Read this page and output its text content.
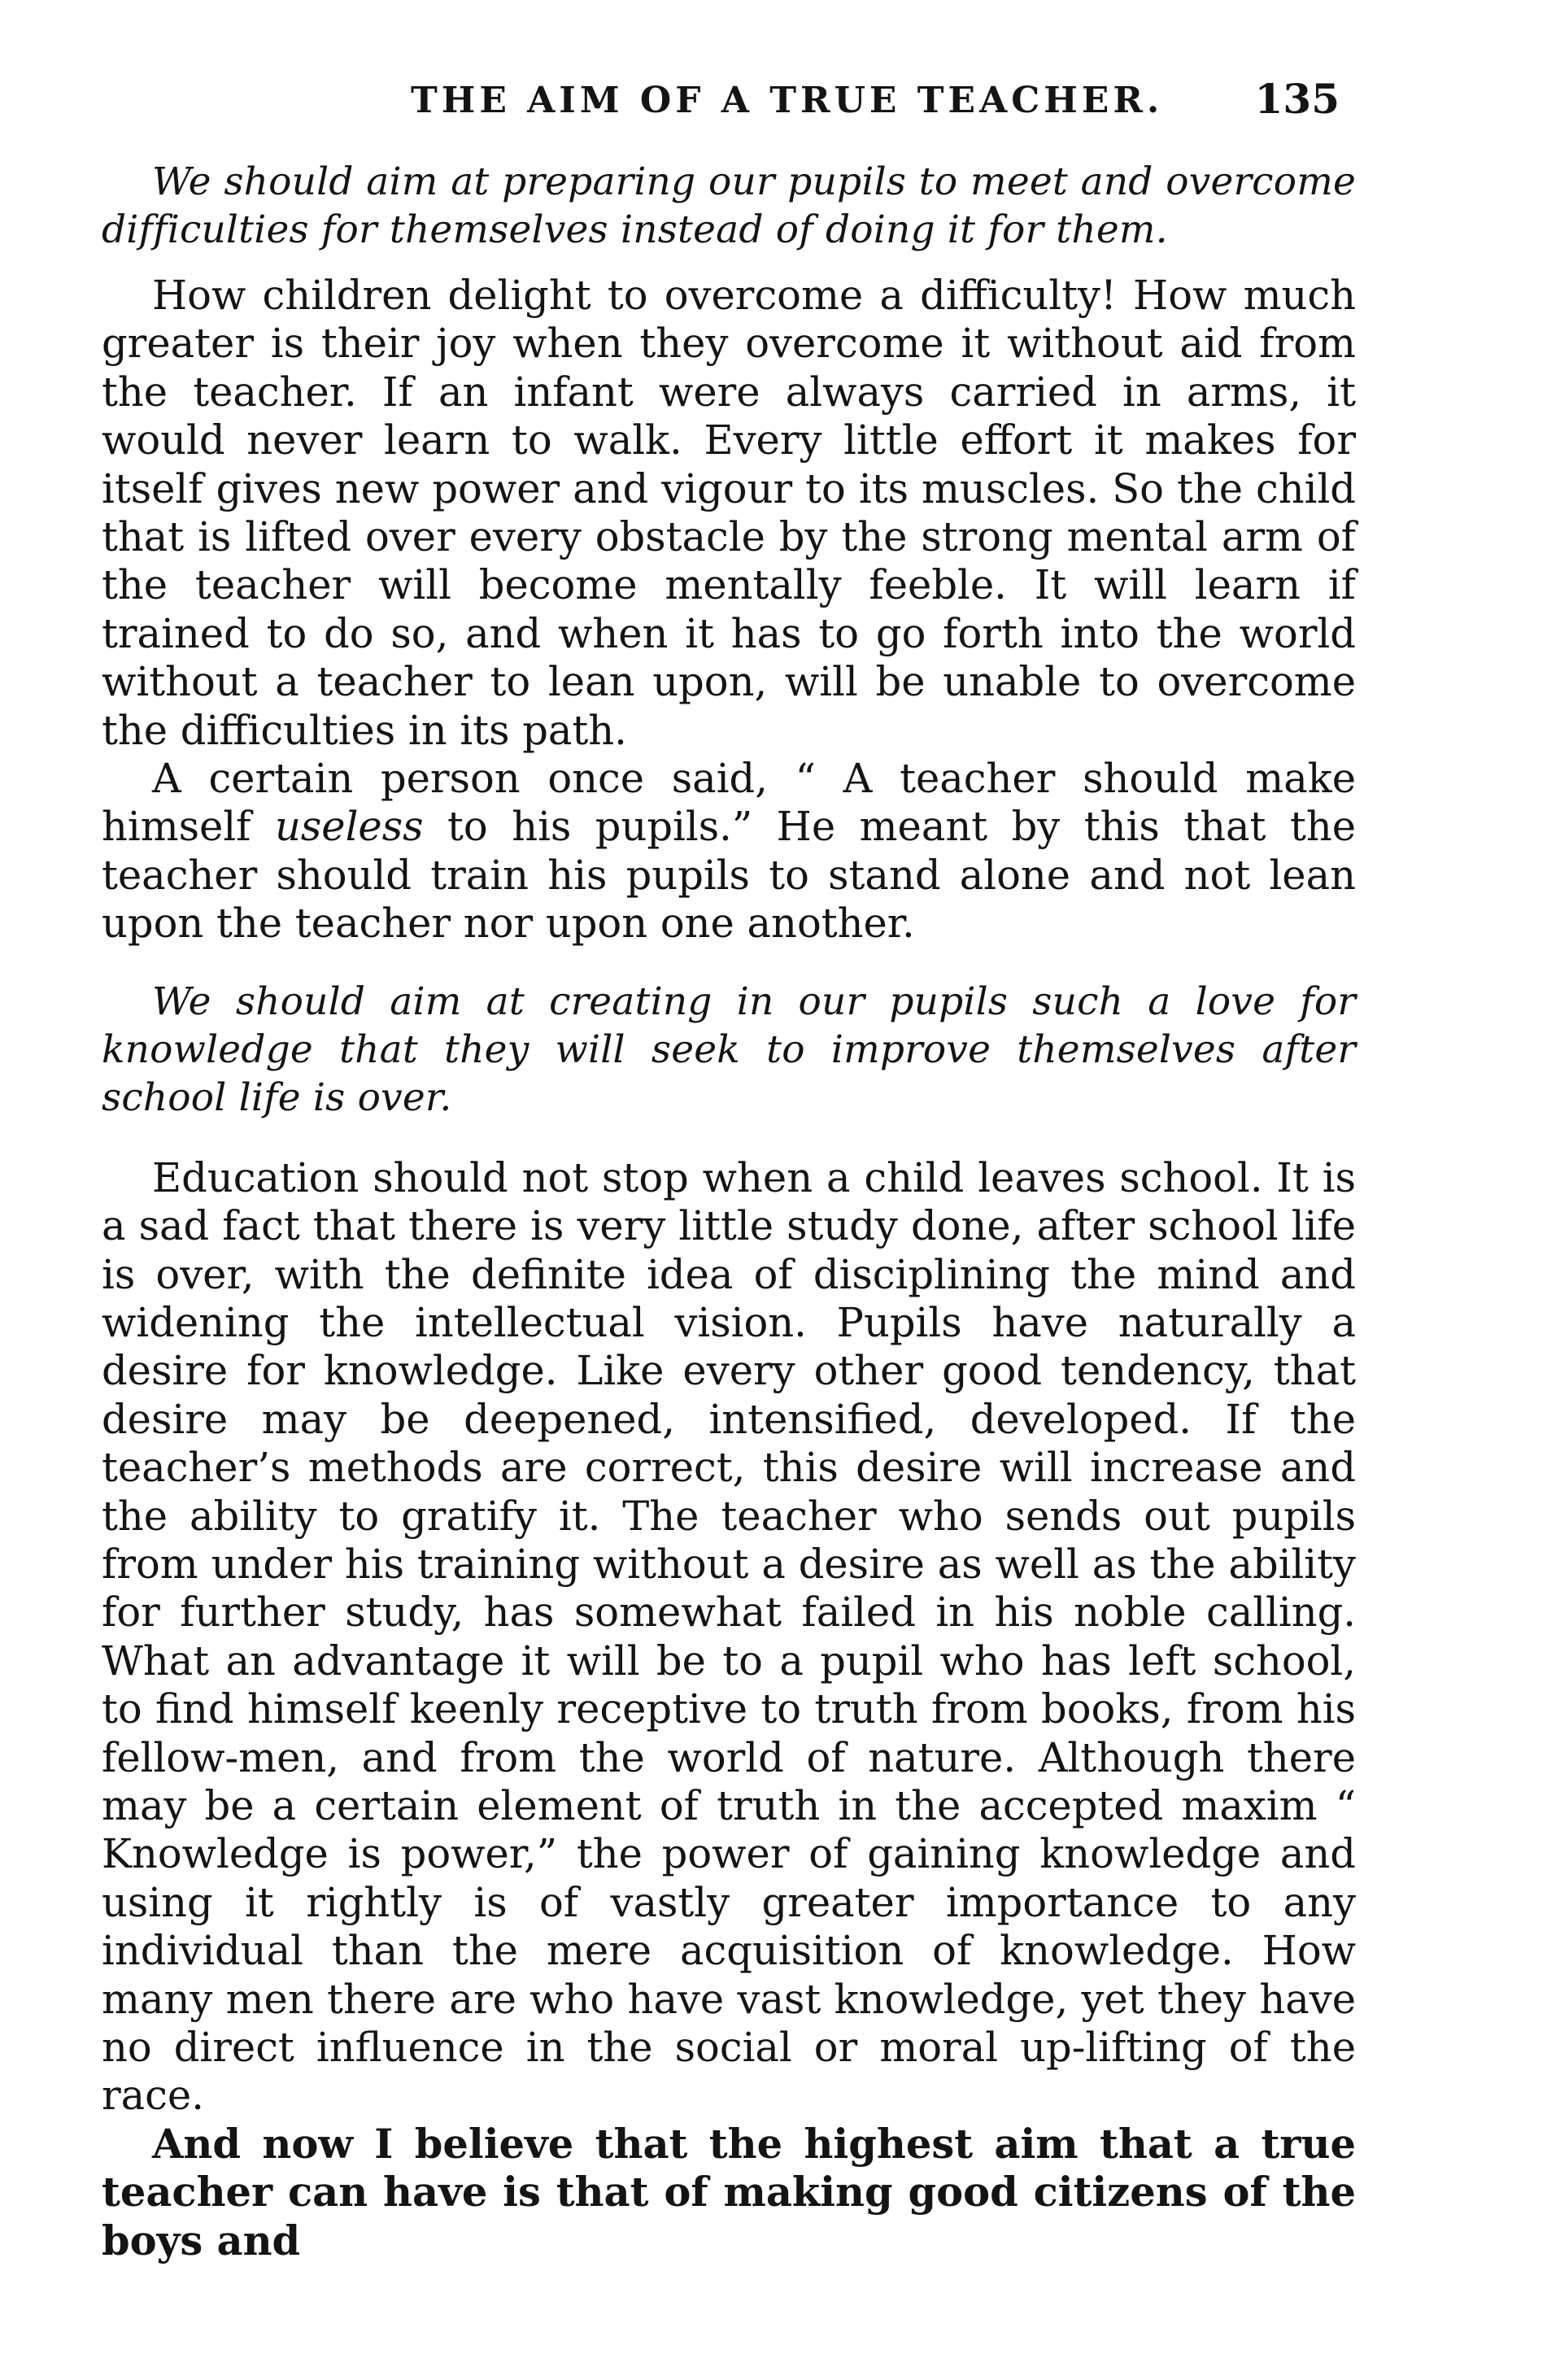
THE AIM OF A TRUE TEACHER. 135

We should aim at preparing our pupils to meet and overcome difficulties for themselves instead of doing it for them.

How children delight to overcome a difficulty! How much greater is their joy when they overcome it without aid from the teacher. If an infant were always carried in arms, it would never learn to walk. Every little effort it makes for itself gives new power and vigour to its muscles. So the child that is lifted over every obstacle by the strong mental arm of the teacher will become mentally feeble. It will learn if trained to do so, and when it has to go forth into the world without a teacher to lean upon, will be unable to overcome the difficulties in its path.

A certain person once said, “ A teacher should make himself useless to his pupils.” He meant by this that the teacher should train his pupils to stand alone and not lean upon the teacher nor upon one another.

We should aim at creating in our pupils such a love for knowledge that they will seek to improve themselves after school life is over.

Education should not stop when a child leaves school. It is a sad fact that there is very little study done, after school life is over, with the definite idea of disciplining the mind and widening the intellectual vision. Pupils have naturally a desire for knowledge. Like every other good tendency, that desire may be deepened, intensified, developed. If the teacher’s methods are correct, this desire will increase and the ability to gratify it. The teacher who sends out pupils from under his training without a desire as well as the ability for further study, has somewhat failed in his noble calling. What an advantage it will be to a pupil who has left school, to find himself keenly receptive to truth from books, from his fellow-men, and from the world of nature. Although there may be a certain element of truth in the accepted maxim “ Knowledge is power,” the power of gaining knowledge and using it rightly is of vastly greater importance to any individual than the mere acquisition of knowledge. How many men there are who have vast knowledge, yet they have no direct influence in the social or moral up-lifting of the race.

And now I believe that the highest aim that a true teacher can have is that of making good citizens of the boys and
